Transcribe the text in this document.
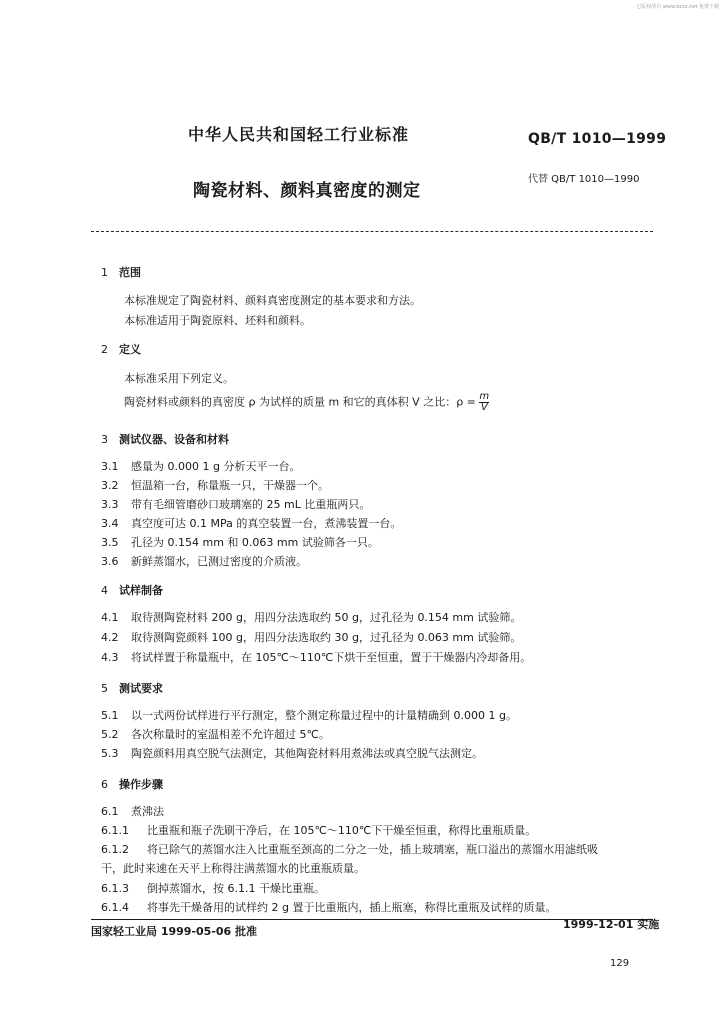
已版权所有 www.bzxz.net 免费下载
中华人民共和国轻工行业标准	QB/T 1010—1999
陶瓷材料、颜料真密度的测定
代替 QB/T 1010—1990
1 范围
本标准规定了陶瓷材料、颜料真密度测定的基本要求和方法。
本标准适用于陶瓷原料、坯料和颜料。
2 定义
本标准采用下列定义。
陶瓷材料或颜料的真密度 ρ 为试样的质量 m 和它的真体积 V 之比：$\rho = \frac{m}{V}$
3 测试仪器、设备和材料
3.1 感量为 0.000 1 g 分析天平一台。
3.2 恒温箱一台，称量瓶一只，干燥器一个。
3.3 带有毛细管磨砂口玻璃塞的 25 mL 比重瓶两只。
3.4 真空度可达 0.1 MPa 的真空装置一台，煮沸装置一台。
3.5 孔径为 0.154 mm 和 0.063 mm 试验筛各一只。
3.6 新鲜蒸馏水，已测过密度的介质液。
4 试样制备
4.1 取待测陶瓷材料 200 g，用四分法选取约 50 g，过孔径为 0.154 mm 试验筛。
4.2 取待测陶瓷颜料 100 g，用四分法选取约 30 g，过孔径为 0.063 mm 试验筛。
4.3 将试样置于称量瓶中，在 105℃～110℃下烘干至恒重，置于干燥器内冷却备用。
5 测试要求
5.1 以一式两份试样进行平行测定，整个测定称量过程中的计量精确到 0.000 1 g。
5.2 各次称量时的室温相差不允许超过 5℃。
5.3 陶瓷颜料用真空脱气法测定，其他陶瓷材料用煮沸法或真空脱气法测定。
6 操作步骤
6.1 煮沸法
6.1.1 比重瓶和瓶子洗刷干净后，在 105℃～110℃下干燥至恒重，称得比重瓶质量。
6.1.2 将已除气的蒸馏水注入比重瓶至颈高的二分之一处，插上玻璃塞，瓶口溢出的蒸馏水用滤纸吸
干，此时来速在天平上称得注满蒸馏水的比重瓶质量。
6.1.3 倒掉蒸馏水，按 6.1.1 干燥比重瓶。
6.1.4 将事先干燥备用的试样约 2 g 置于比重瓶内，插上瓶塞，称得比重瓶及试样的质量。
国家轻工业局 1999-05-06 批准
1999-12-01 实施
129
